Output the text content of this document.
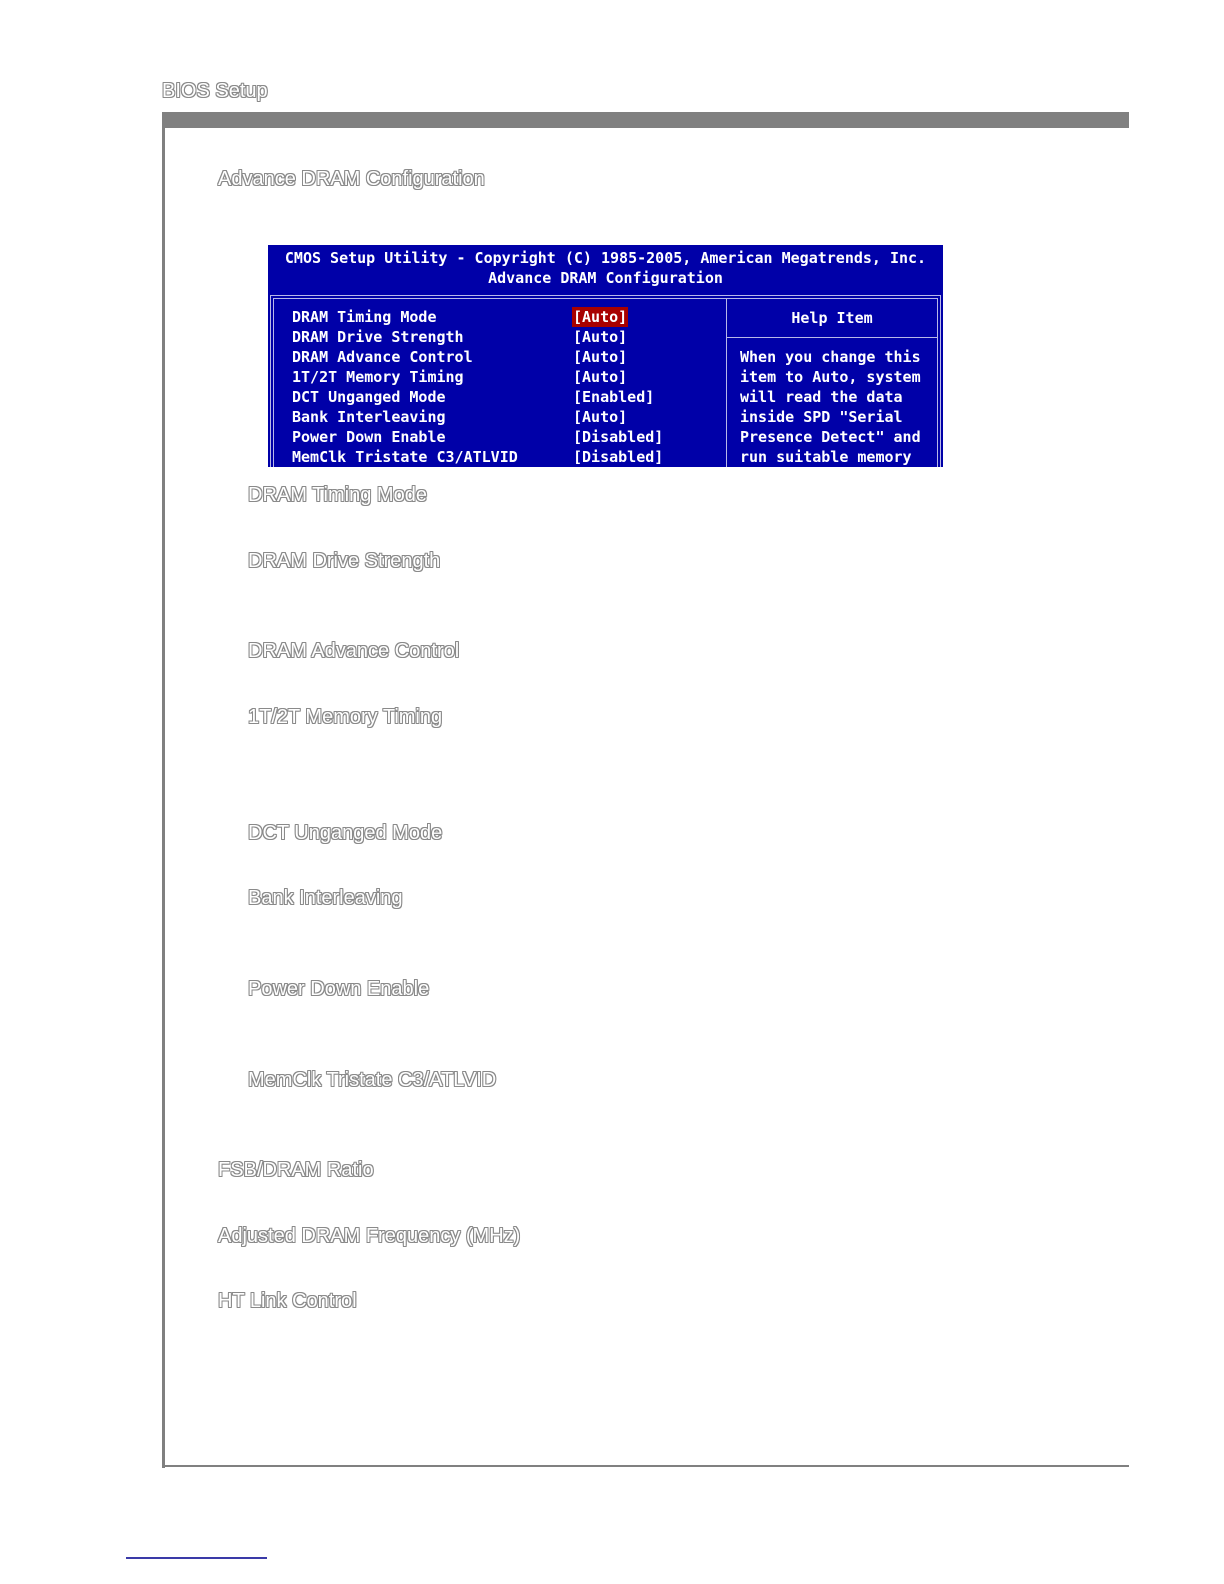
BIOS Setup
Advance DRAM Configuration
CMOS Setup Utility - Copyright (C) 1985-2005, American Megatrends, Inc.
Advance DRAM Configuration
DRAM Timing Mode	[Auto]
DRAM Drive Strength	[Auto]
DRAM Advance Control	[Auto]
1T/2T Memory Timing	[Auto]
DCT Unganged Mode	[Enabled]
Bank Interleaving	[Auto]
Power Down Enable	[Disabled]
MemClk Tristate C3/ATLVID	[Disabled]
Help Item
When you change this
item to Auto, system
will read the data
inside SPD "Serial
Presence Detect" and
run suitable memory
DRAM Timing Mode
DRAM Drive Strength
DRAM Advance Control
1T/2T Memory Timing
DCT Unganged Mode
Bank Interleaving
Power Down Enable
MemClk Tristate C3/ATLVID
FSB/DRAM Ratio
Adjusted DRAM Frequency (MHz)
HT Link Control
